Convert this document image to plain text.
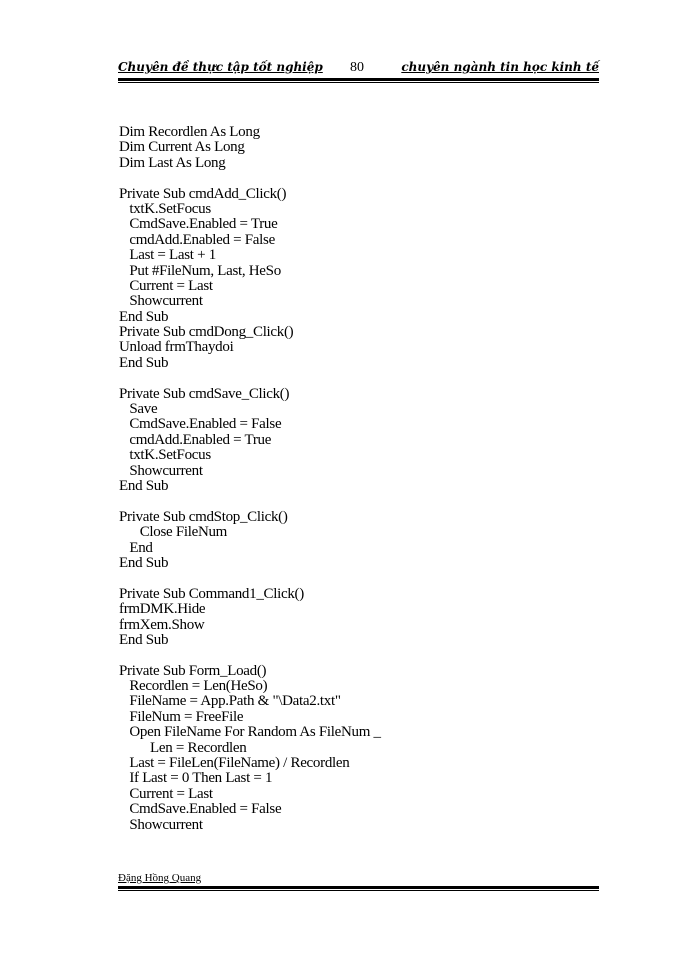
Chuyên đề thực tập tốt nghiệp 80	chuyên ngành tin học kinh tế
Dim Recordlen As Long
Dim Current As Long
Dim Last As Long
Private Sub cmdAdd_Click()
txtK.SetFocus
CmdSave.Enabled = True
cmdAdd.Enabled = False
Last = Last + 1
Put #FileNum, Last, HeSo
Current = Last
Showcurrent
End Sub
Private Sub cmdDong_Click()
Unload frmThaydoi
End Sub
Private Sub cmdSave_Click()
Save
CmdSave.Enabled = False
cmdAdd.Enabled = True
txtK.SetFocus
Showcurrent
End Sub
Private Sub cmdStop_Click()
Close FileNum
End
End Sub
Private Sub Command1_Click()
frmDMK.Hide
frmXem.Show
End Sub
Private Sub Form_Load()
Recordlen = Len(HeSo)
FileName = App.Path & "\Data2.txt"
FileNum = FreeFile
Open FileName For Random As FileNum _
Len = Recordlen
Last = FileLen(FileName) / Recordlen
If Last = 0 Then Last = 1
Current = Last
CmdSave.Enabled = False
Showcurrent
Đặng Hồng Quang
